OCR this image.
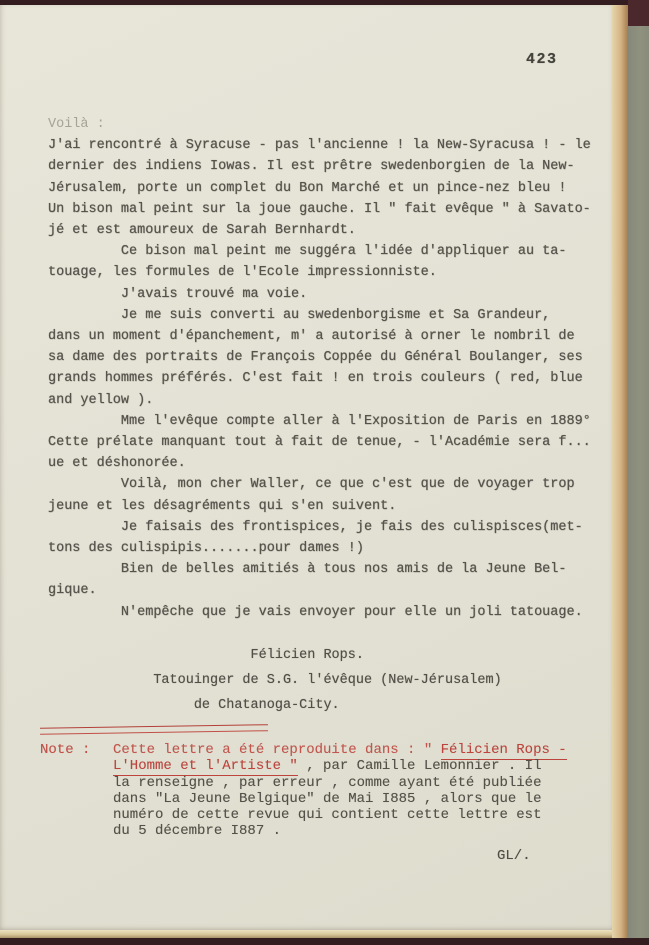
423
Voilà :
J'ai rencontré à Syracuse - pas l'ancienne ! la New-Syracusa ! - le
dernier des indiens Iowas. Il est prêtre swedenborgien de la New-
Jérusalem, porte un complet du Bon Marché et un pince-nez bleu !
Un bison mal peint sur la joue gauche. Il " fait evêque " à Savato-
jé et est amoureux de Sarah Bernhardt.
Ce bison mal peint me suggéra l'idée d'appliquer au ta-
touage, les formules de l'Ecole impressionniste.
J'avais trouvé ma voie.
Je me suis converti au swedenborgisme et Sa Grandeur,
dans un moment d'épanchement, m' a autorisé à orner le nombril de
sa dame des portraits de François Coppée du Général Boulanger, ses
grands hommes préférés. C'est fait ! en trois couleurs ( red, blue
and yellow ).
Mme l'evêque compte aller à l'Exposition de Paris en 1889°
Cette prélate manquant tout à fait de tenue, - l'Académie sera f...
ue et déshonorée.
Voilà, mon cher Waller, ce que c'est que de voyager trop
jeune et les désagréments qui s'en suivent.
Je faisais des frontispices, je fais des culispisces(met-
tons des culispipis.......pour dames !)
Bien de belles amitiés à tous nos amis de la Jeune Bel-
gique.
N'empêche que je vais envoyer pour elle un joli tatouage.
Félicien Rops.
Tatouinger de S.G. l'évêque (New-Jérusalem)
de Chatanoga-City.
Note : Cette lettre a été reproduite dans : " Félicien Rops -
L'Homme et l'Artiste " , par Camille Lemonnier . Il
la renseigne , par erreur , comme ayant été publiée
dans "La Jeune Belgique" de Mai I885 , alors que le
numéro de cette revue qui contient cette lettre est
du 5 décembre I887 .
GL/.
